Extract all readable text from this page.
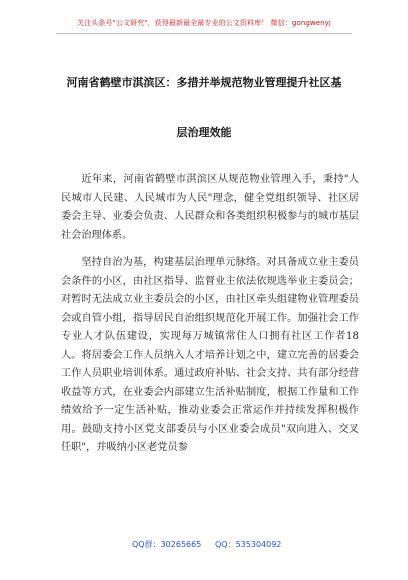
关注头条号"公文研究"，获得最新最全最专业的公文资料库！ 微信：gongwenyj
河南省鹤壁市淇滨区：多措并举规范物业管理提升社区基
层治理效能

近年来，河南省鹤壁市淇滨区从规范物业管理入手，秉持"人民城市人民建、人民城市为人民"理念，健全党组织领导、社区居委会主导、业委会负责、人民群众和各类组织积极参与的城市基层社会治理体系。

坚持自治为基，构建基层治理单元脉络。对具备成立业主委员会条件的小区，由社区指导、监督业主依法依规选举业主委员会；对暂时无法成立业主委员会的小区，由社区牵头组建物业管理委员会或自管小组，指导居民自治组织规范化开展工作。加强社会工作专业人才队伍建设，实现每万城镇常住人口拥有社区工作者18人。将居委会工作人员纳入人才培养计划之中，建立完善的居委会工作人员职业培训体系。通过政府补贴、社会支持、共有部分经营收益等方式，在业委会内部建立生活补贴制度，根据工作量和工作绩效给予一定生活补贴，推动业委会正常运作并持续发挥积极作用。鼓励支持小区党支部委员与小区业委会成员"双向进入、交叉任职"，并吸纳小区老党员参

QQ群：30265665 QQ：535304092
